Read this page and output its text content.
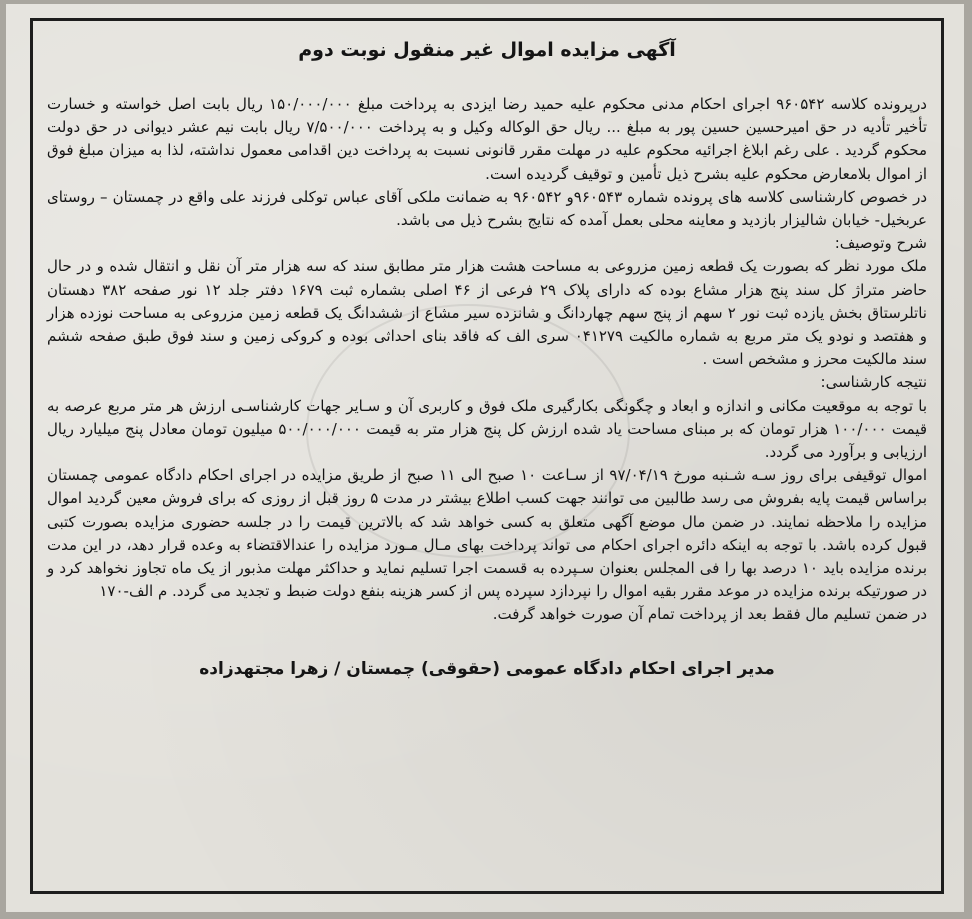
آگهی مزایده اموال غیر منقول نوبت دوم

درپرونده کلاسه ۹۶۰۵۴۲ اجرای احکام مدنی محکوم علیه حمید رضا ایزدی به پرداخت مبلغ ۱۵۰/۰۰۰/۰۰۰ ریال بابت اصل خواسته و خسارت تأخیر تأدیه در حق امیرحسین حسین پور به مبلغ ... ریال حق الوکاله وکیل و به پرداخت ۷/۵۰۰/۰۰۰ ریال بابت نیم عشر دیوانی در حق دولت محکوم گردید . علی رغم ابلاغ اجرائیه محکوم علیه در مهلت مقرر قانونی نسبت به پرداخت دین اقدامی معمول نداشته، لذا به میزان مبلغ فوق از اموال بلامعارض محکوم علیه بشرح ذیل تأمین و توقیف گردیده است.

در خصوص کارشناسی کلاسه های پرونده شماره ۹۶۰۵۴۳و ۹۶۰۵۴۲ به ضمانت ملکی آقای عباس توکلی فرزند علی واقع در چمستان – روستای عربخیل- خیابان شالیزار بازدید و معاینه محلی بعمل آمده که نتایج بشرح ذیل می باشد.

شرح وتوصیف:

ملک مورد نظر که بصورت یک قطعه زمین مزروعی به مساحت هشت هزار متر مطابق سند که سه هزار متر آن نقل و انتقال شده و در حال حاضر متراژ کل سند پنج هزار مشاع بوده که دارای پلاک ۲۹ فرعی از ۴۶ اصلی بشماره ثبت ۱۶۷۹ دفتر جلد ۱۲ نور صفحه ۳۸۲ دهستان ناتلرستاق بخش یازده ثبت نور ۲ سهم از پنج سهم چهاردانگ و شانزده سیر مشاع از ششدانگ یک قطعه زمین مزروعی به مساحت نوزده هزار و هفتصد و نودو یک متر مربع به شماره مالکیت ۰۴۱۲۷۹ سری الف که فاقد بنای احداثی بوده و کروکی زمین و سند فوق طبق صفحه ششم سند مالکیت محرز و مشخص است .

نتیجه کارشناسی:

با توجه به موقعیت مکانی و اندازه و ابعاد و چگونگی بکارگیری ملک فوق و کاربری آن و سـایر جهات کارشناسـی ارزش هر متر مربع عرصه به قیمت ۱۰۰/۰۰۰ هزار تومان که بر مبنای مساحت یاد شده ارزش کل پنج هزار متر به قیمت ۵۰۰/۰۰۰/۰۰۰ میلیون تومان معادل پنج میلیارد ریال ارزیابی و برآورد می گردد.

اموال توقیفی برای روز سـه شـنبه مورخ ۹۷/۰۴/۱۹ از سـاعت ۱۰ صبح الی ۱۱ صبح از طریق مزایده در اجرای احکام دادگاه عمومی چمستان براساس قیمت پایه بفروش می رسد طالبین می توانند جهت کسب اطلاع بیشتر در مدت ۵ روز قبل از روزی که برای فروش معین گردید اموال مزایده را ملاحظه نمایند. در ضمن مال موضع آگهی متعلق به کسی خواهد شد که بالاترین قیمت را در جلسه حضوری مزایده بصورت کتبی قبول کرده باشد. با توجه به اینکه دائره اجرای احکام می تواند پرداخت بهای مـال مـورد مزایده را عندالاقتضاء به وعده قرار دهد، در این مدت برنده مزایده باید ۱۰ درصد بها را فی المجلس بعنوان سـپرده به قسمت اجرا تسلیم نماید و حداکثر مهلت مذبور از یک ماه تجاوز نخواهد کرد و در صورتیکه برنده مزایده در موعد مقرر بقیه اموال را نپردازد سپرده پس از کسر هزینه بنفع دولت ضبط و تجدید می گردد. م الف-۱۷۰

در ضمن تسلیم مال فقط بعد از پرداخت تمام آن صورت خواهد گرفت.

مدیر اجرای احکام دادگاه عمومی (حقوقی) چمستان / زهرا مجتهدزاده
